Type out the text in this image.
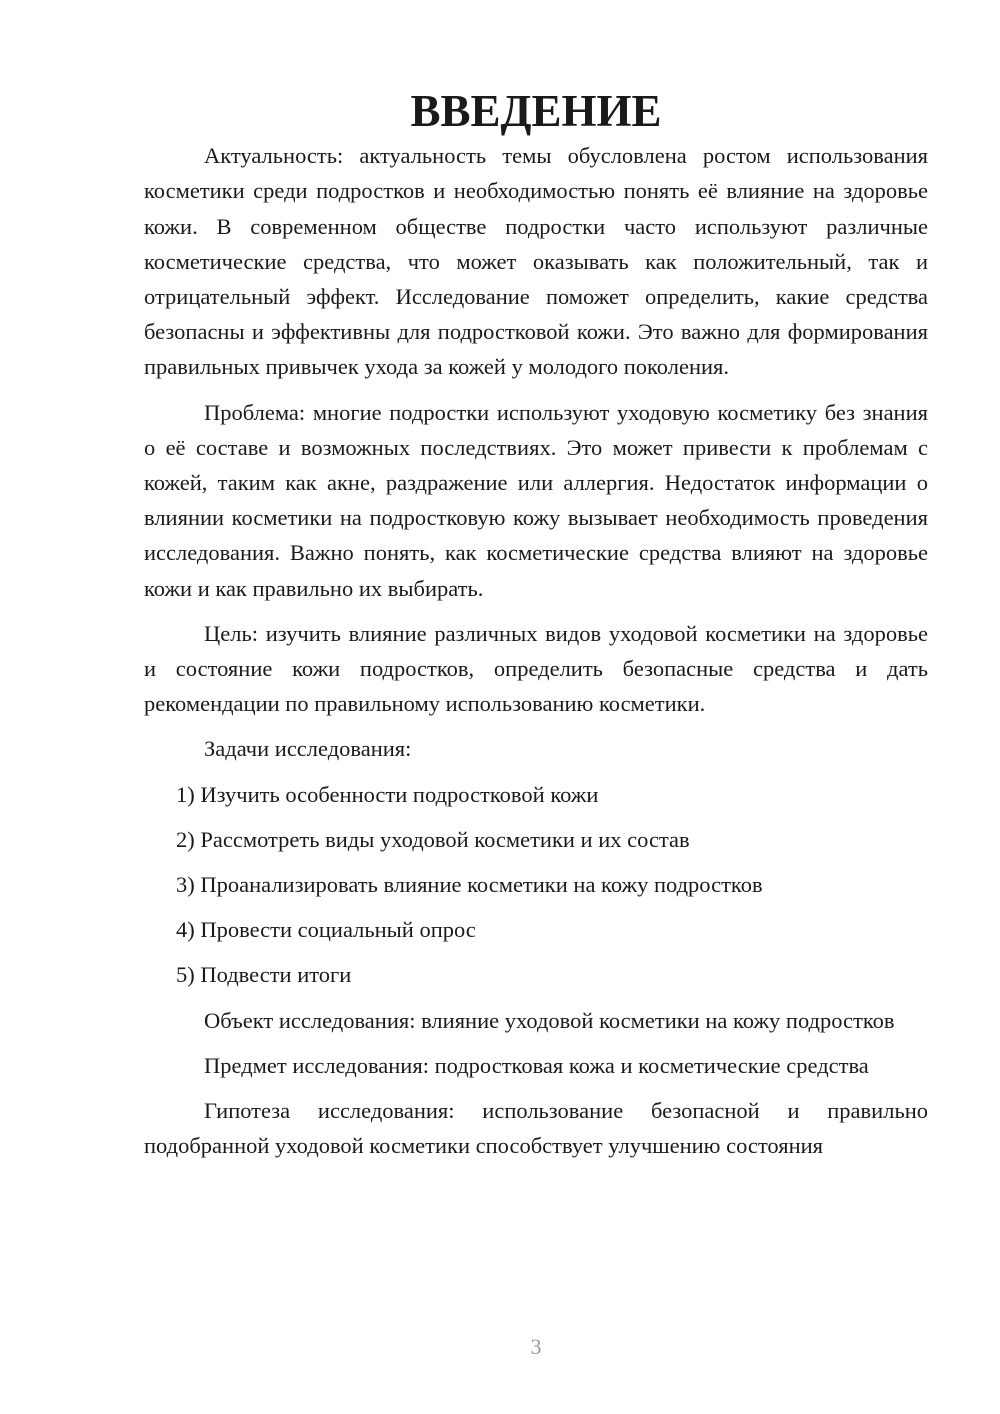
ВВЕДЕНИЕ

Актуальность: актуальность темы обусловлена ростом использования косметики среди подростков и необходимостью понять её влияние на здоровье кожи. В современном обществе подростки часто используют различные косметические средства, что может оказывать как положительный, так и отрицательный эффект. Исследование поможет определить, какие средства безопасны и эффективны для подростковой кожи. Это важно для формирования правильных привычек ухода за кожей у молодого поколения.

Проблема: многие подростки используют уходовую косметику без знания о её составе и возможных последствиях. Это может привести к проблемам с кожей, таким как акне, раздражение или аллергия. Недостаток информации о влиянии косметики на подростковую кожу вызывает необходимость проведения исследования. Важно понять, как косметические средства влияют на здоровье кожи и как правильно их выбирать.

Цель: изучить влияние различных видов уходовой косметики на здоровье и состояние кожи подростков, определить безопасные средства и дать рекомендации по правильному использованию косметики.

Задачи исследования:

1) Изучить особенности подростковой кожи

2) Рассмотреть виды уходовой косметики и их состав

3) Проанализировать влияние косметики на кожу подростков

4) Провести социальный опрос

5) Подвести итоги

Объект исследования: влияние уходовой косметики на кожу подростков

Предмет исследования: подростковая кожа и косметические средства

Гипотеза исследования: использование безопасной и правильно подобранной уходовой косметики способствует улучшению состояния

3
